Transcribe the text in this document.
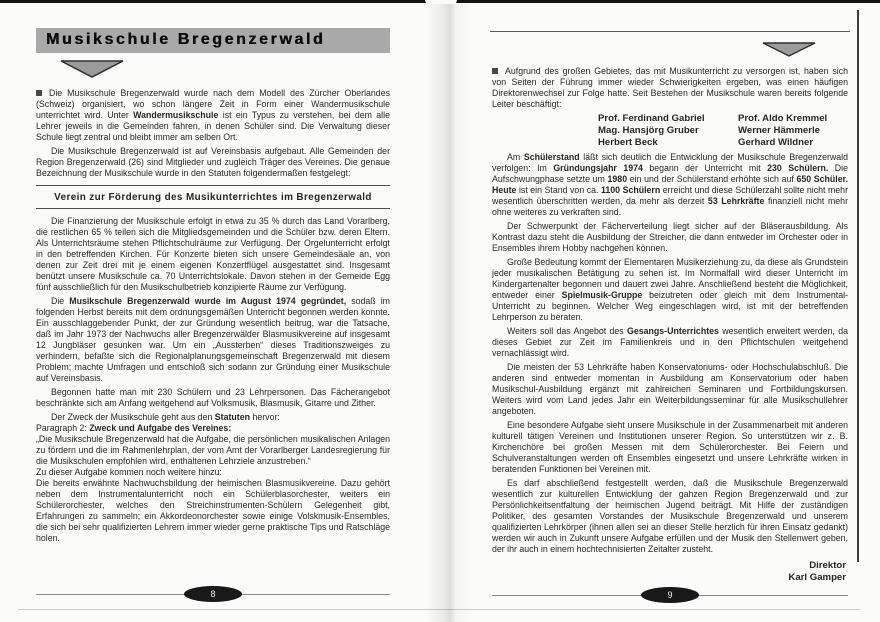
Musikschule Bregenzerwald

Die Musikschule Bregenzerwald wurde nach dem Modell des Zürcher Oberlandes (Schweiz) organisiert, wo schon längere Zeit in Form einer Wandermusikschule unterrichtet wird. Unter Wandermusikschule ist ein Typus zu verstehen, bei dem alle Lehrer jeweils in die Gemeinden fahren, in denen Schüler sind. Die Verwaltung dieser Schule liegt zentral und bleibt immer am selben Ort.

Die Musikschule Bregenzerwald ist auf Vereinsbasis aufgebaut. Alle Gemeinden der Region Bregenzerwald (26) sind Mitglieder und zugleich Träger des Vereines. Die genaue Bezeichnung der Musikschule wurde in den Statuten folgendermaßen festgelegt:

Verein zur Förderung des Musikunterrichtes im Bregenzerwald

Die Finanzierung der Musikschule erfolgt in etwa zu 35 % durch das Land Vorarlberg, die restlichen 65 % teilen sich die Mitgliedsgemeinden und die Schüler bzw. deren Eltern. Als Unterrichtsräume stehen Pflichtschulräume zur Verfügung. Der Orgelunterricht erfolgt in den betreffenden Kirchen. Für Konzerte bieten sich unsere Gemeindesäale an, von denen zur Zeit drei mit je einem eigenen Konzertflügel ausgestattet sind. Insgesamt benützt unsere Musikschule ca. 70 Unterrichtslokale. Davon stehen in der Gemeide Egg fünf ausschließlich für den Musikschulbetrieb konzipierte Räume zur Verfügung.

Die Musikschule Bregenzerwald wurde im August 1974 gegründet, sodaß im folgenden Herbst bereits mit dem ordnungsgemäßen Unterricht begonnen werden konnte. Ein ausschlaggebender Punkt, der zur Gründung wesentlich beitrug, war die Tatsache, daß im Jahr 1973 der Nachwuchs aller Bregenzerwälder Blasmusikvereine auf insgesamt 12 Jungbläser gesunken war. Um ein „Aussterben“ dieses Traditionszweiges zu verhindern, befaßte sich die Regionalplanungsgemeinschaft Bregenzerwald mit diesem Problem; machte Umfragen und entschloß sich sodann zur Gründung einer Musikschule auf Vereinsbasis.

Begonnen hatte man mit 230 Schülern und 23 Lehrpersonen. Das Fächerangebot beschränkte sich am Anfang weitgehend auf Volksmusik, Blasmusik, Gitarre und Zither.

Der Zweck der Musikschule geht aus den Statuten hervor:

Paragraph 2: Zweck und Aufgabe des Vereines:

„Die Musikschule Bregenzerwald hat die Aufgabe, die persönlichen musikalischen Anlagen zu fördern und die im Rahmenlehrplan, der vom Amt der Vorarlberger Landesregierung für die Musikschulen empfohlen wird, enthaltenen Lehrziele anzustreben.“

Zu dieser Aufgabe kommen noch weitere hinzu:

Die bereits erwähnte Nachwuchsbildung der heimischen Blasmusikvereine. Dazu gehört neben dem Instrumentalunterricht noch ein Schülerblasorchester, weiters ein Schülerorchester, welches den Streichinstrumenten-Schülern Gelegenheit gibt, Erfahrungen zu sammeln; ein Akkordeonorchester sowie einige Volskmusik-Ensembles, die sich bei sehr qualifizierten Lehrern immer wieder gerne praktische Tips und Ratschläge holen.

Aufgrund des großen Gebietes, das mit Musikunterricht zu versorgen ist, haben sich von Seiten der Führung immer wieder Schwierigkeiten ergeben, was einen häufigen Direktorenwechsel zur Folge hatte. Seit Bestehen der Musikschule waren bereits folgende Leiter beschäftigt:

Prof. Ferdinand Gabriel	Prof. Aldo Kremmel
Mag. Hansjörg Gruber	Werner Hämmerle
Herbert Beck	Gerhard Wildner

Am Schülerstand läßt sich deutlich die Entwicklung der Musikschule Bregenzerwald verfolgen: Im Gründungsjahr 1974 begann der Unterricht mit 230 Schülern. Die Aufschwungphase setzte um 1980 ein und der Schülerstand erhöhte sich auf 650 Schüler. Heute ist ein Stand von ca. 1100 Schülern erreicht und diese Schülerzahl sollte nicht mehr wesentlich überschritten werden, da mehr als derzeit 53 Lehrkräfte finanziell nicht mehr ohne weiteres zu verkraften sind.

Der Schwerpunkt der Fächerverteilung liegt sicher auf der Bläserausbildung. Als Kontrast dazu steht die Ausbildung der Streicher, die dann entweder im Orchester oder in Ensembles ihrem Hobby nachgehen können.

Große Bedeutung kommt der Elementaren Musikerziehung zu, da diese als Grundstein jeder musikalischen Betätigung zu sehen ist. Im Normalfall wird dieser Unterricht im Kindergartenalter begonnen und dauert zwei Jahre. Anschließend besteht die Möglichkeit, entweder einer Spielmusik-Gruppe beizutreten oder gleich mit dem Instrumental-Unterricht zu beginnen. Welcher Weg eingeschlagen wird, ist mit der betreffenden Lehrperson zu beraten.

Weiters soll das Angebot des Gesangs-Unterrichtes wesentlich erweitert werden, da dieses Gebiet zur Zeit im Familienkreis und in den Pflichtschulen weitgehend vernachlässigt wird.

Die meisten der 53 Lehrkräfte haben Konservatoriums- oder Hochschulabschluß. Die anderen sind entweder momentan in Ausbildung am Konservatorium oder haben Musikschul-Ausbildung ergänzt mit zahlreichen Seminaren und Fortbildungskursen. Weiters wird vom Land jedes Jahr ein Weiterbildungsseminar für alle Musikschullehrer angeboten.

Eine besondere Aufgabe sieht unsere Musikschule in der Zusammenarbeit mit anderen kulturell tätigen Vereinen und Institutionen unserer Region. So unterstützen wir z. B. Kirchenchöre bei großen Messen mit dem Schülerorchester. Bei Feiern und Schulveranstaltungen werden oft Ensembles eingesetzt und unsere Lehrkräfte wirken in beratenden Funktionen bei Vereinen mit.

Es darf abschließend festgestellt werden, daß die Musikschule Bregenzerwald wesentlich zur kulturellen Entwicklung der gahzen Region Bregenzerwald und zur Persönlichkeitsentfaltung der heimischen Jugend beiträgt. Mit Hilfe der zuständigen Politiker, des gesamten Vorstandes der Musikschule Bregenzerwald und unserem qualifizierten Lehrkörper (ihnen allen sei an dieser Stelle herzlich für ihren Einsatz gedankt) werden wir auch in Zukunft unsere Aufgabe erfüllen und der Musik den Stellenwert geben, der ihr auch in einem hochtechnisierten Zeitalter zusteht.

Direktor
Karl Gamper
8	9
